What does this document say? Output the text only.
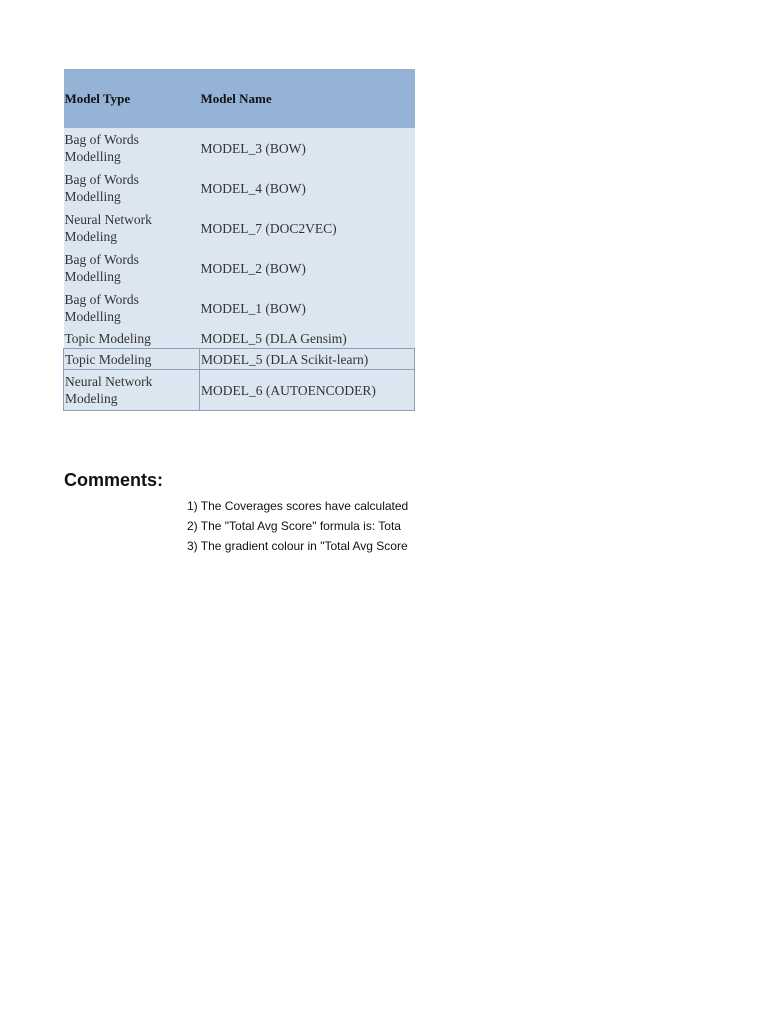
Model Type	Model Name
Bag of Words Modelling	MODEL_3 (BOW)
Bag of Words Modelling	MODEL_4 (BOW)
Neural Network Modeling	MODEL_7 (DOC2VEC)
Bag of Words Modelling	MODEL_2 (BOW)
Bag of Words Modelling	MODEL_1 (BOW)
Topic Modeling	MODEL_5 (DLA Gensim)
Topic Modeling	MODEL_5 (DLA Scikit-learn)
Neural Network Modeling	MODEL_6 (AUTOENCODER)

Comments:

1) The Coverages scores have calculated
2) The "Total Avg Score" formula is: Tota
3) The gradient colour in "Total Avg Score
